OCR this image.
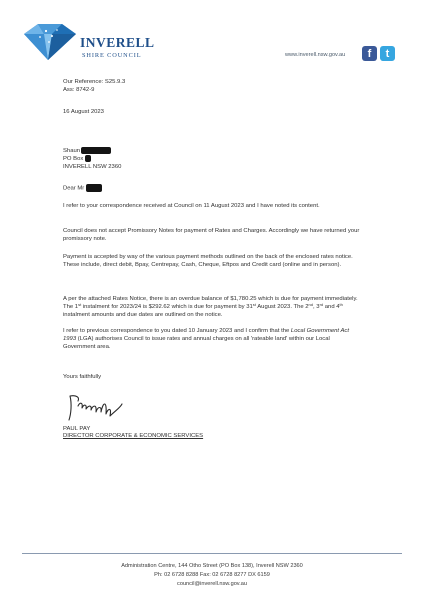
INVERELL
SHIRE COUNCIL	www.inverell.nsw.gov.au	f	t
Our Reference: S25.9.3
Ass: 8742-9
16 August 2023
Shaun
PO Box
INVERELL NSW 2360
Dear Mr
I refer to your correspondence received at Council on 11 August 2023 and I have noted its content.
Council does not accept Promissory Notes for payment of Rates and Charges. Accordingly we have returned your promissory note.
Payment is accepted by way of the various payment methods outlined on the back of the enclosed rates notice. These include, direct debit, Bpay, Centrepay, Cash, Cheque, Eftpos and Credit card (online and in person).
A per the attached Rates Notice, there is an overdue balance of $1,780.25 which is due for payment immediately. The 1st instalment for 2023/24 is $292.62 which is due for payment by 31st August 2023. The 2nd, 3rd and 4th instalment amounts and due dates are outlined on the notice.
I refer to previous correspondence to you dated 10 January 2023 and I confirm that the Local Government Act 1993 (LGA) authorises Council to issue rates and annual charges on all 'rateable land' within our Local Government area.
Yours faithfully
PAUL PAY
DIRECTOR CORPORATE & ECONOMIC SERVICES
Administration Centre, 144 Otho Street (PO Box 138), Inverell NSW 2360
Ph: 02 6728 8288 Fax: 02 6728 8277 DX 6159
council@inverell.nsw.gov.au
